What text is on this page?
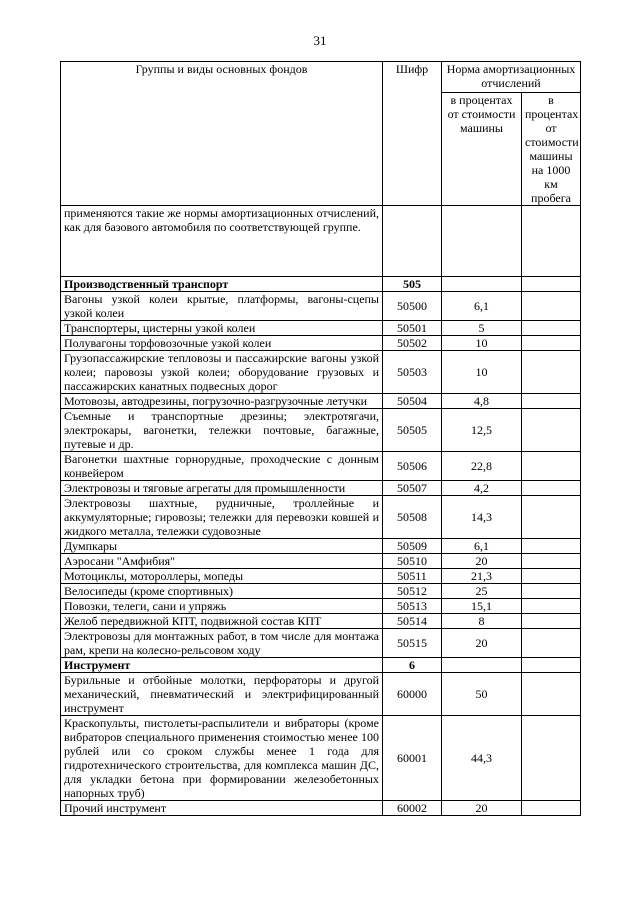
31
Группы и виды основных фондов	Шифр	Норма амортизационных отчислений	
		в процентах от стоимости машины	в процентах от стоимости машины на 1000 км пробега
применяются такие же нормы амортизационных отчислений, как для базового автомобиля по соответствующей группе.			
Производственный транспорт	505		
Вагоны узкой колеи крытые, платформы, вагоны-сцепы узкой колеи	50500	6,1	
Транспортеры, цистерны узкой колеи	50501	5	
Полувагоны торфовозочные узкой колеи	50502	10	
Грузопассажирские тепловозы и пассажирские вагоны узкой колеи; паровозы узкой колеи; оборудование грузовых и пассажирских канатных подвесных дорог	50503	10	
Мотовозы, автодрезины, погрузочно-разгрузочные летучки	50504	4,8	
Съемные и транспортные дрезины; электротягачи, электрокары, вагонетки, тележки почтовые, багажные, путевые и др.	50505	12,5	
Вагонетки шахтные горнорудные, проходческие с донным конвейером	50506	22,8	
Электровозы и тяговые агрегаты для промышленности	50507	4,2	
Электровозы шахтные, рудничные, троллейные и аккумуляторные; гировозы; тележки для перевозки ковшей и жидкого металла, тележки судовозные	50508	14,3	
Думпкары	50509	6,1	
Аэросани "Амфибия"	50510	20	
Мотоциклы, мотороллеры, мопеды	50511	21,3	
Велосипеды (кроме спортивных)	50512	25	
Повозки, телеги, сани и упряжь	50513	15,1	
Желоб передвижной КПТ, подвижной состав КПТ	50514	8	
Электровозы для монтажных работ, в том числе для монтажа рам, крепи на колесно-рельсовом ходу	50515	20	
Инструмент	6		
Бурильные и отбойные молотки, перфораторы и другой механический, пневматический и электрифицированный инструмент	60000	50	
Краскопульты, пистолеты-распылители и вибраторы (кроме вибраторов специального применения стоимостью менее 100 рублей или со сроком службы менее 1 года для гидротехнического строительства, для комплекса машин ДС, для укладки бетона при формировании железобетонных напорных труб)	60001	44,3	
Прочий инструмент	60002	20	
